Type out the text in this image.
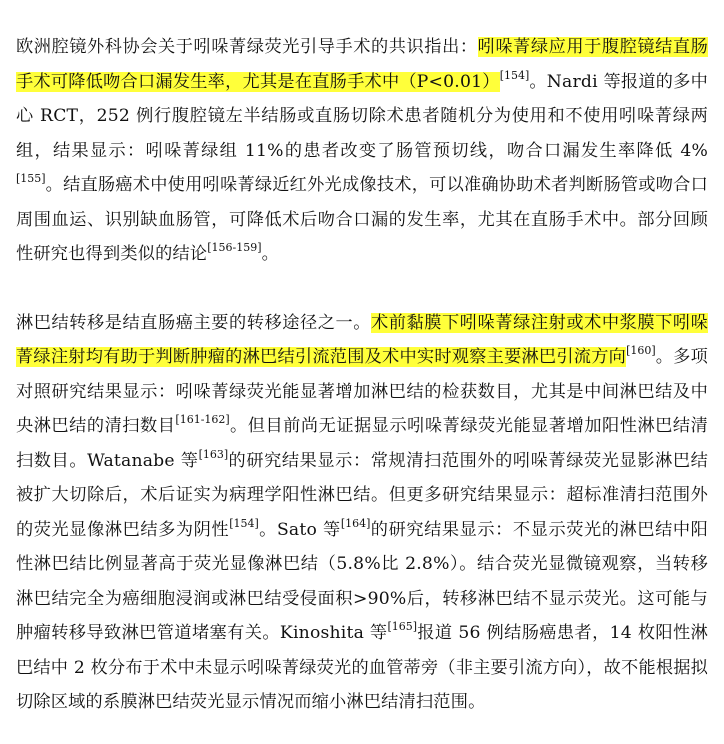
欧洲腔镜外科协会关于吲哚菁绿荧光引导手术的共识指出：吲哚菁绿应用于腹腔镜结直肠手术可降低吻合口漏发生率，尤其是在直肠手术中（P<0.01）[154]。Nardi 等报道的多中心 RCT，252 例行腹腔镜左半结肠或直肠切除术患者随机分为使用和不使用吲哚菁绿两组，结果显示：吲哚菁绿组 11%的患者改变了肠管预切线，吻合口漏发生率降低 4%[155]。结直肠癌术中使用吲哚菁绿近红外光成像技术，可以准确协助术者判断肠管或吻合口周围血运、识别缺血肠管，可降低术后吻合口漏的发生率，尤其在直肠手术中。部分回顾性研究也得到类似的结论[156-159]。

淋巴结转移是结直肠癌主要的转移途径之一。术前黏膜下吲哚菁绿注射或术中浆膜下吲哚菁绿注射均有助于判断肿瘤的淋巴结引流范围及术中实时观察主要淋巴引流方向[160]。多项对照研究结果显示：吲哚菁绿荧光能显著增加淋巴结的检获数目，尤其是中间淋巴结及中央淋巴结的清扫数目[161-162]。但目前尚无证据显示吲哚菁绿荧光能显著增加阳性淋巴结清扫数目。Watanabe 等[163]的研究结果显示：常规清扫范围外的吲哚菁绿荧光显影淋巴结被扩大切除后，术后证实为病理学阳性淋巴结。但更多研究结果显示：超标准清扫范围外的荧光显像淋巴结多为阴性[154]。Sato 等[164]的研究结果显示：不显示荧光的淋巴结中阳性淋巴结比例显著高于荧光显像淋巴结（5.8%比 2.8%）。结合荧光显微镜观察，当转移淋巴结完全为癌细胞浸润或淋巴结受侵面积>90%后，转移淋巴结不显示荧光。这可能与肿瘤转移导致淋巴管道堵塞有关。Kinoshita 等[165]报道 56 例结肠癌患者，14 枚阳性淋巴结中 2 枚分布于术中未显示吲哚菁绿荧光的血管蒂旁（非主要引流方向），故不能根据拟切除区域的系膜淋巴结荧光显示情况而缩小淋巴结清扫范围。
